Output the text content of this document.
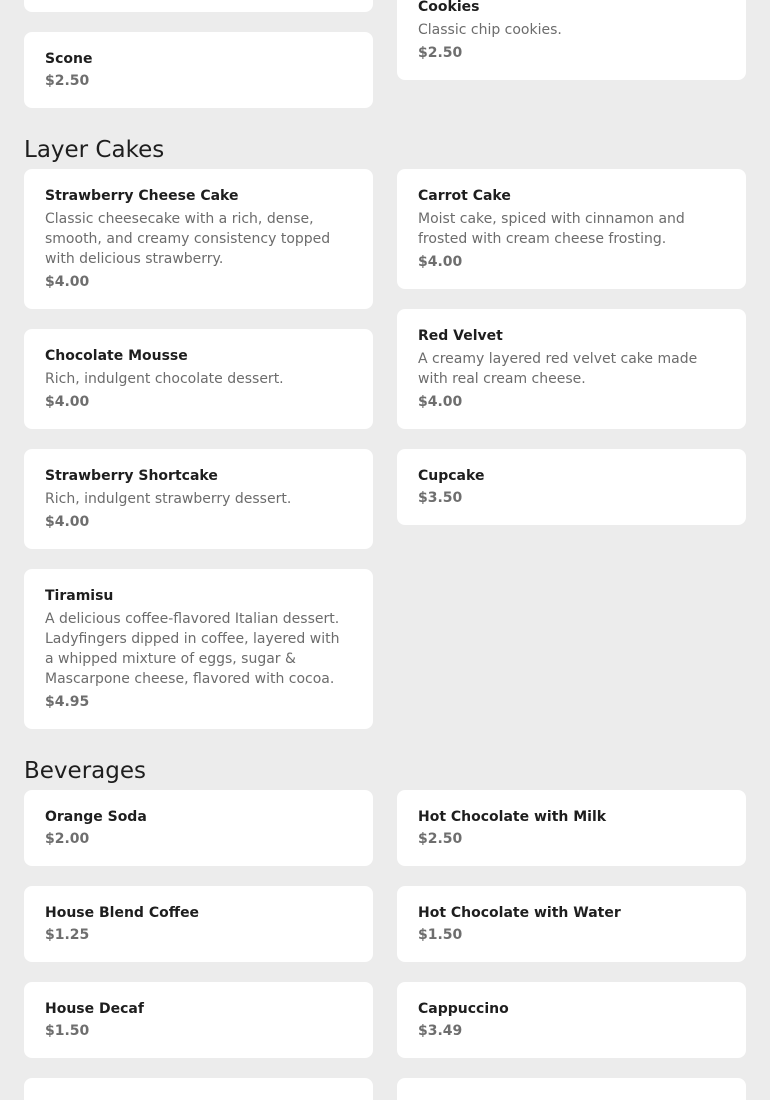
Cookies

Classic chip cookies.

$2.50

Scone

$2.50

Layer Cakes

Strawberry Cheese Cake

Classic cheesecake with a rich, dense, smooth, and creamy consistency topped with delicious strawberry.

$4.00

Carrot Cake

Moist cake, spiced with cinnamon and frosted with cream cheese frosting.

$4.00

Red Velvet

A creamy layered red velvet cake made with real cream cheese.

$4.00

Chocolate Mousse

Rich, indulgent chocolate dessert.

$4.00

Strawberry Shortcake

Rich, indulgent strawberry dessert.

$4.00

Cupcake

$3.50

Tiramisu

A delicious coffee-flavored Italian dessert. Ladyfingers dipped in coffee, layered with a whipped mixture of eggs, sugar & Mascarpone cheese, flavored with cocoa.

$4.95

Beverages

Orange Soda

$2.00

Hot Chocolate with Milk

$2.50

House Blend Coffee

$1.25

Hot Chocolate with Water

$1.50

House Decaf

$1.50

Cappuccino

$3.49
